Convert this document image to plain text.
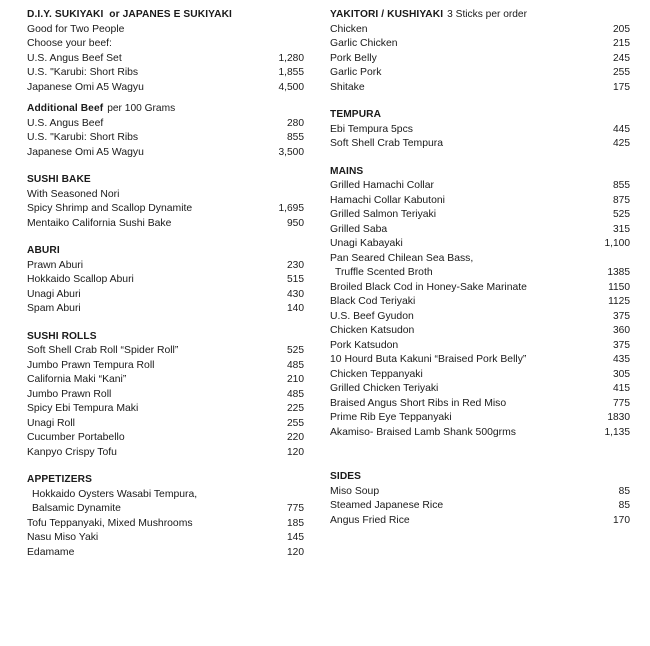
D.I.Y. SUKIYAKI  or JAPANES E SUKIYAKI
Good for Two People
Choose your beef:
U.S. Angus Beef Set	1,280
U.S. "Karubi: Short Ribs	1,855
Japanese Omi A5 Wagyu	4,500
Additional Beef per 100 Grams
U.S. Angus Beef	280
U.S. "Karubi: Short Ribs	855
Japanese Omi A5 Wagyu	3,500
SUSHI BAKE
With Seasoned Nori
Spicy Shrimp and Scallop Dynamite	1,695
Mentaiko California Sushi Bake	950
ABURI
Prawn Aburi	230
Hokkaido Scallop Aburi	515
Unagi Aburi	430
Spam Aburi	140
SUSHI ROLLS
Soft Shell Crab Roll “Spider Roll”	525
Jumbo Prawn Tempura Roll	485
California Maki “Kani”	210
Jumbo Prawn Roll	485
Spicy Ebi Tempura Maki	225
Unagi Roll	255
Cucumber Portabello	220
Kanpyo Crispy Tofu	120
APPETIZERS
Hokkaido Oysters Wasabi Tempura,
Balsamic Dynamite	775
Tofu Teppanyaki, Mixed Mushrooms	185
Nasu Miso Yaki	145
Edamame	120
YAKITORI / KUSHIYAKI 3 Sticks per order
Chicken	205
Garlic Chicken	215
Pork Belly	245
Garlic Pork	255
Shitake	175
TEMPURA
Ebi Tempura 5pcs	445
Soft Shell Crab Tempura	425
MAINS
Grilled Hamachi Collar	855
Hamachi Collar Kabutoni	875
Grilled Salmon Teriyaki	525
Grilled Saba	315
Unagi Kabayaki	1,100
Pan Seared Chilean Sea Bass,
Truffle Scented Broth	1385
Broiled Black Cod in Honey-Sake Marinate	1150
Black Cod Teriyaki	1125
U.S. Beef Gyudon	375
Chicken Katsudon	360
Pork Katsudon	375
10 Hourd Buta Kakuni “Braised Pork Belly”	435
Chicken Teppanyaki	305
Grilled Chicken Teriyaki	415
Braised Angus Short Ribs in Red Miso	775
Prime Rib Eye Teppanyaki	1830
Akamiso- Braised Lamb Shank 500grms	1,135
SIDES
Miso Soup	85
Steamed Japanese Rice	85
Angus Fried Rice	170
